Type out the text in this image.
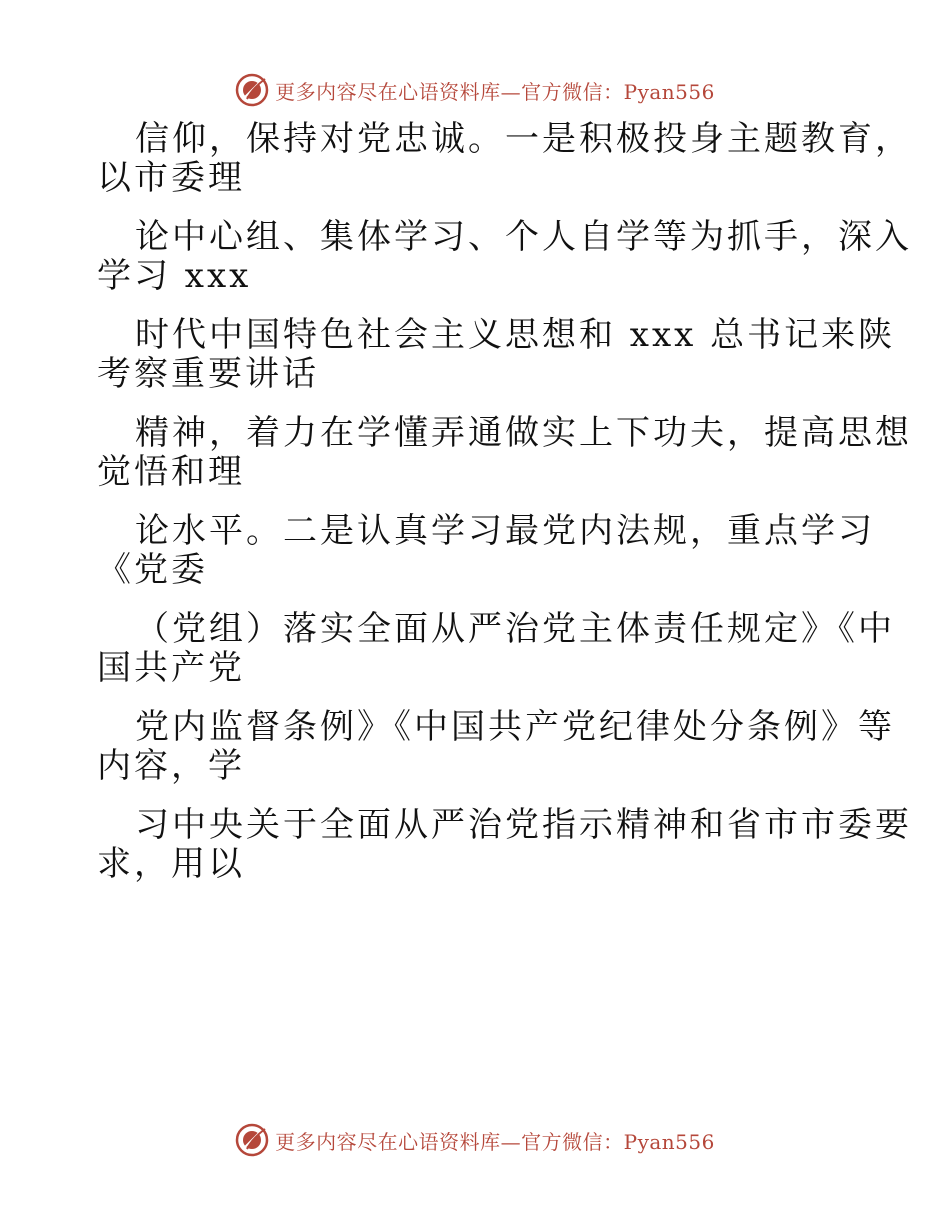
更多内容尽在心语资料库—官方微信：Pyan556
信仰，保持对党忠诚。一是积极投身主题教育，
以市委理
论中心组、集体学习、个人自学等为抓手，深入
学习 xxx
时代中国特色社会主义思想和 xxx 总书记来陕
考察重要讲话
精神，着力在学懂弄通做实上下功夫，提高思想
觉悟和理
论水平。二是认真学习最党内法规，重点学习
《党委
（党组）落实全面从严治党主体责任规定》《中
国共产党
党内监督条例》《中国共产党纪律处分条例》等
内容，学
习中央关于全面从严治党指示精神和省市市委要
求，用以
更多内容尽在心语资料库—官方微信：Pyan556
